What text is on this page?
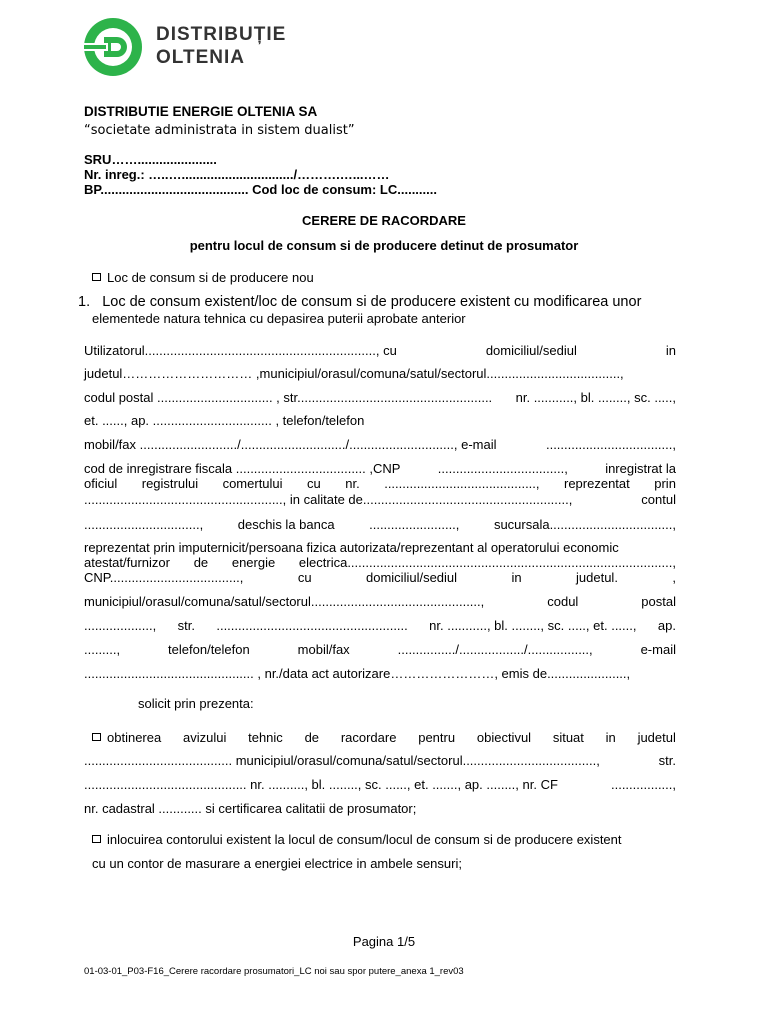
DISTRIBUȚIE
OLTENIA
DISTRIBUTIE ENERGIE OLTENIA SA
“societate administrata in sistem dualist”
SRU……......................
Nr. inreg.: …..….............................../……….…...……
BP......................................... Cod loc de consum: LC...........
CERERE DE RACORDARE
pentru locul de consum si de producere detinut de prosumator
Loc de consum si de producere nou
1. Loc de consum existent/loc de consum si de producere existent cu modificarea unor
elementede natura tehnica cu depasirea puterii aprobate anterior
Utilizatorul................................................................, cu	domiciliul/sediul	in
judetul………………………… ,municipiul/orasul/comuna/satul/sectorul.....................................,
codul postal ................................ , str...................................................... nr. ..........., bl. ........, sc. .....,
et. ......, ap. ................................. , telefon/telefon
mobil/fax .........................../............................./............................., e-mail	...................................,
cod de inregistrare fiscala .................................... ,CNP	...................................,	inregistrat la
oficiul registrului comertului cu nr. .........................................., reprezentat prin
......................................................., in calitate de.........................................................,	contul
................................,	deschis la banca	........................,	sucursala..................................,
reprezentat prin imputernicit/persoana fizica autorizata/reprezentant al operatorului economic
atestat/furnizor de energie electrica..........................................................................................,
CNP....................................,	cu	domiciliul/sediul	in	judetul.	,
municipiul/orasul/comuna/satul/sectorul...............................................,	codul	postal
..................., str. ..................................................... nr. ..........., bl. ........, sc. ....., et. ......, ap.
.........,	telefon/telefon	mobil/fax	................/................../.................,	e-mail
............................................... , nr./data act autorizare……………………, emis de......................,
solicit prin prezenta:
obtinerea avizului tehnic de racordare pentru obiectivul situat in judetul
......................................... municipiul/orasul/comuna/satul/sectorul.....................................,	str.
............................................. nr. .........., bl. ........, sc. ......, et. ......., ap. ........, nr. CF	.................,
nr. cadastral ............ si certificarea calitatii de prosumator;
inlocuirea contorului existent la locul de consum/locul de consum si de producere existent
cu un contor de masurare a energiei electrice in ambele sensuri;
Pagina 1/5
01-03-01_P03-F16_Cerere racordare prosumatori_LC noi sau spor putere_anexa 1_rev03
